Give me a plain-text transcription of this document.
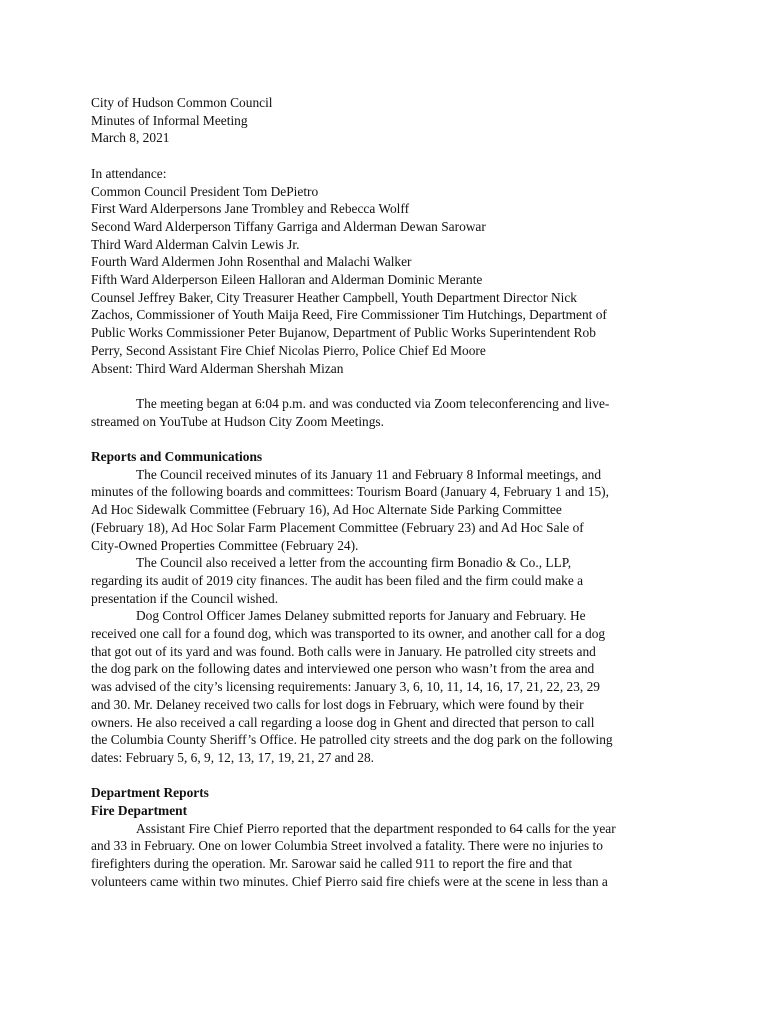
City of Hudson Common Council
Minutes of Informal Meeting
March 8, 2021
In attendance:
Common Council President Tom DePietro
First Ward Alderpersons Jane Trombley and Rebecca Wolff
Second Ward Alderperson Tiffany Garriga and Alderman Dewan Sarowar
Third Ward Alderman Calvin Lewis Jr.
Fourth Ward Aldermen John Rosenthal and Malachi Walker
Fifth Ward Alderperson Eileen Halloran and Alderman Dominic Merante
Counsel Jeffrey Baker, City Treasurer Heather Campbell, Youth Department Director Nick
Zachos, Commissioner of Youth Maija Reed, Fire Commissioner Tim Hutchings, Department of
Public Works Commissioner Peter Bujanow, Department of Public Works Superintendent Rob
Perry, Second Assistant Fire Chief Nicolas Pierro, Police Chief Ed Moore
Absent: Third Ward Alderman Shershah Mizan
The meeting began at 6:04 p.m. and was conducted via Zoom teleconferencing and live-
streamed on YouTube at Hudson City Zoom Meetings.
Reports and Communications
The Council received minutes of its January 11 and February 8 Informal meetings, and
minutes of the following boards and committees: Tourism Board (January 4, February 1 and 15),
Ad Hoc Sidewalk Committee (February 16), Ad Hoc Alternate Side Parking Committee
(February 18), Ad Hoc Solar Farm Placement Committee (February 23) and Ad Hoc Sale of
City-Owned Properties Committee (February 24).
The Council also received a letter from the accounting firm Bonadio & Co., LLP,
regarding its audit of 2019 city finances. The audit has been filed and the firm could make a
presentation if the Council wished.
Dog Control Officer James Delaney submitted reports for January and February. He
received one call for a found dog, which was transported to its owner, and another call for a dog
that got out of its yard and was found. Both calls were in January. He patrolled city streets and
the dog park on the following dates and interviewed one person who wasn’t from the area and
was advised of the city’s licensing requirements: January 3, 6, 10, 11, 14, 16, 17, 21, 22, 23, 29
and 30. Mr. Delaney received two calls for lost dogs in February, which were found by their
owners. He also received a call regarding a loose dog in Ghent and directed that person to call
the Columbia County Sheriff’s Office. He patrolled city streets and the dog park on the following
dates: February 5, 6, 9, 12, 13, 17, 19, 21, 27 and 28.
Department Reports
Fire Department
Assistant Fire Chief Pierro reported that the department responded to 64 calls for the year
and 33 in February. One on lower Columbia Street involved a fatality. There were no injuries to
firefighters during the operation. Mr. Sarowar said he called 911 to report the fire and that
volunteers came within two minutes. Chief Pierro said fire chiefs were at the scene in less than a
